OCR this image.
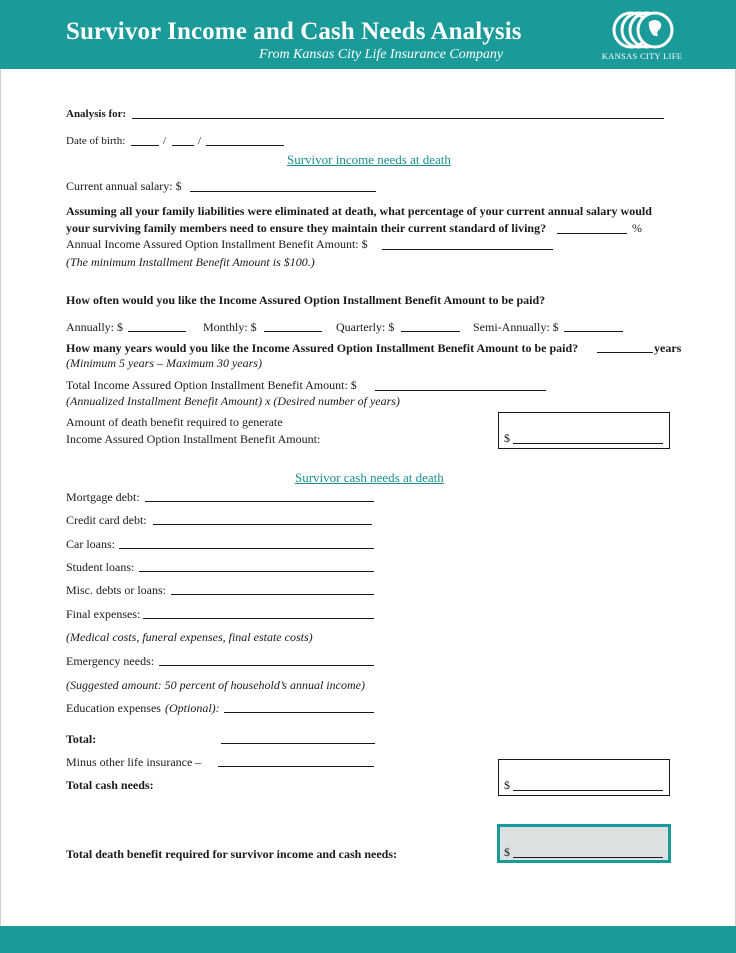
Survivor Income and Cash Needs Analysis
From Kansas City Life Insurance Company	KANSAS CITY LIFE
Analysis for:
Date of birth:	/	/
Survivor income needs at death
Current annual salary: $
Assuming all your family liabilities were eliminated at death, what percentage of your current annual salary would
your surviving family members need to ensure they maintain their current standard of living?	%
Annual Income Assured Option Installment Benefit Amount: $
(The minimum Installment Benefit Amount is $100.)
How often would you like the Income Assured Option Installment Benefit Amount to be paid?
Annually: $	Monthly: $	Quarterly: $	Semi-Annually: $
How many years would you like the Income Assured Option Installment Benefit Amount to be paid?	years
(Minimum 5 years – Maximum 30 years)
Total Income Assured Option Installment Benefit Amount: $
(Annualized Installment Benefit Amount) x (Desired number of years)
Amount of death benefit required to generate
Income Assured Option Installment Benefit Amount:	$
Survivor cash needs at death
Mortgage debt:
Credit card debt:
Car loans:
Student loans:
Misc. debts or loans:
Final expenses:
(Medical costs, funeral expenses, final estate costs)
Emergency needs:
(Suggested amount: 50 percent of household’s annual income)
Education expenses (Optional):
Total:
Minus other life insurance –
Total cash needs:	$
Total death benefit required for survivor income and cash needs:	$
